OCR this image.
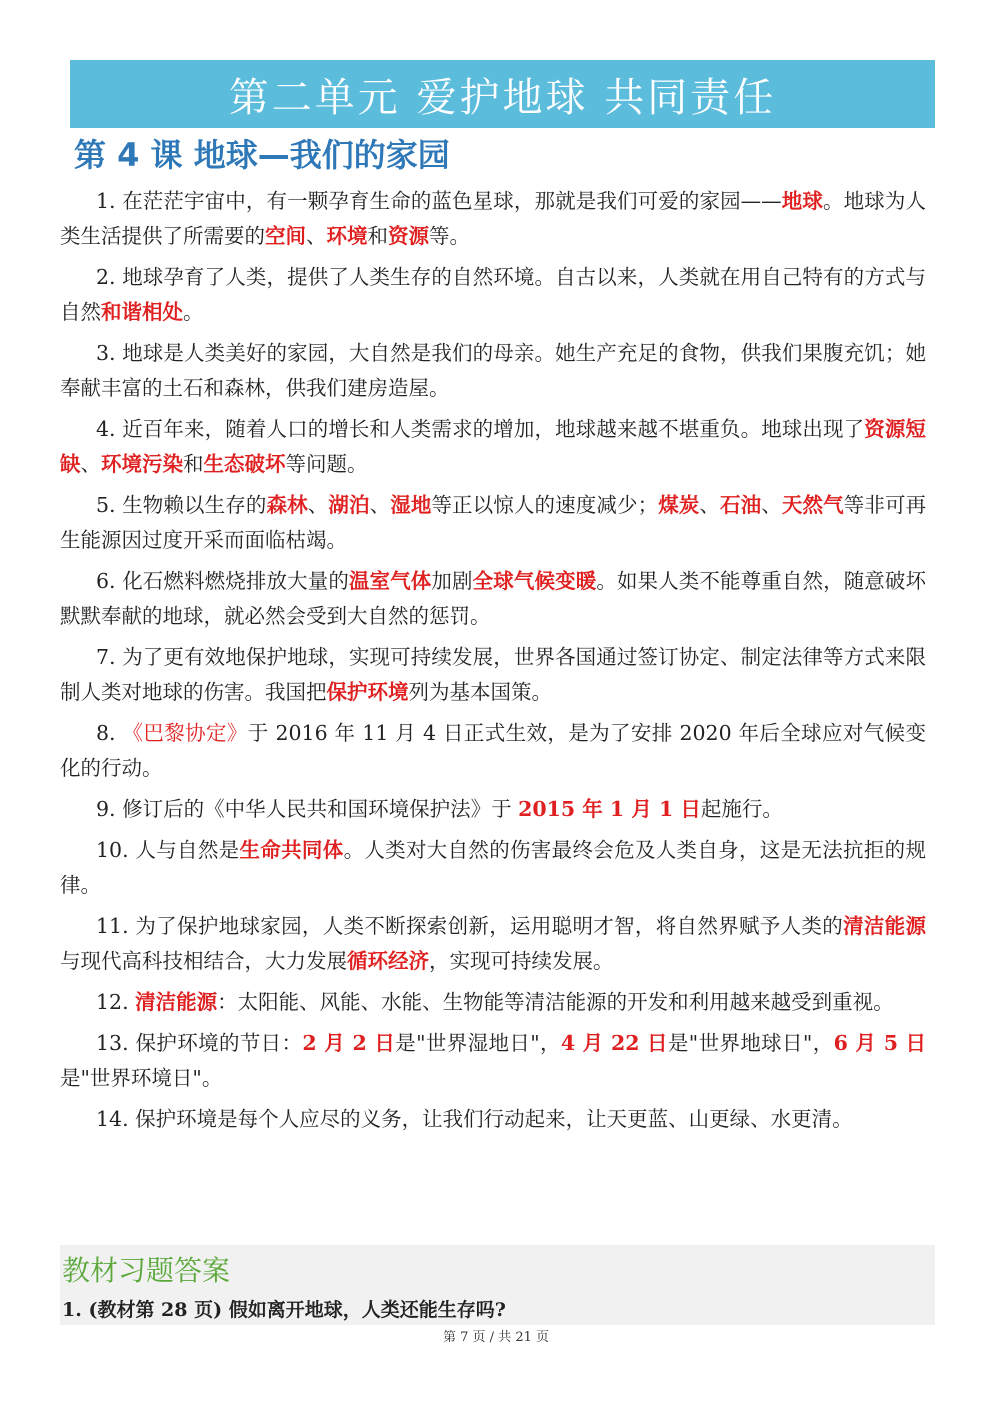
第二单元 爱护地球 共同责任
第 4 课 地球—我们的家园

1. 在茫茫宇宙中，有一颗孕育生命的蓝色星球，那就是我们可爱的家园——地球。地球为人类生活提供了所需要的空间、环境和资源等。

2. 地球孕育了人类，提供了人类生存的自然环境。自古以来，人类就在用自己特有的方式与自然和谐相处。

3. 地球是人类美好的家园，大自然是我们的母亲。她生产充足的食物，供我们果腹充饥；她奉献丰富的土石和森林，供我们建房造屋。

4. 近百年来，随着人口的增长和人类需求的增加，地球越来越不堪重负。地球出现了资源短缺、环境污染和生态破坏等问题。

5. 生物赖以生存的森林、湖泊、湿地等正以惊人的速度减少；煤炭、石油、天然气等非可再生能源因过度开采而面临枯竭。

6. 化石燃料燃烧排放大量的温室气体加剧全球气候变暖。如果人类不能尊重自然，随意破坏默默奉献的地球，就必然会受到大自然的惩罚。

7. 为了更有效地保护地球，实现可持续发展，世界各国通过签订协定、制定法律等方式来限制人类对地球的伤害。我国把保护环境列为基本国策。

8. 《巴黎协定》于 2016 年 11 月 4 日正式生效，是为了安排 2020 年后全球应对气候变化的行动。

9. 修订后的《中华人民共和国环境保护法》于 2015 年 1 月 1 日起施行。

10. 人与自然是生命共同体。人类对大自然的伤害最终会危及人类自身，这是无法抗拒的规律。

11. 为了保护地球家园，人类不断探索创新，运用聪明才智，将自然界赋予人类的清洁能源与现代高科技相结合，大力发展循环经济，实现可持续发展。

12. 清洁能源：太阳能、风能、水能、生物能等清洁能源的开发和利用越来越受到重视。

13. 保护环境的节日：2 月 2 日是"世界湿地日"，4 月 22 日是"世界地球日"，6 月 5 日是"世界环境日"。

14. 保护环境是每个人应尽的义务，让我们行动起来，让天更蓝、山更绿、水更清。

教材习题答案
1. (教材第 28 页) 假如离开地球，人类还能生存吗?
第 7 页 / 共 21 页
